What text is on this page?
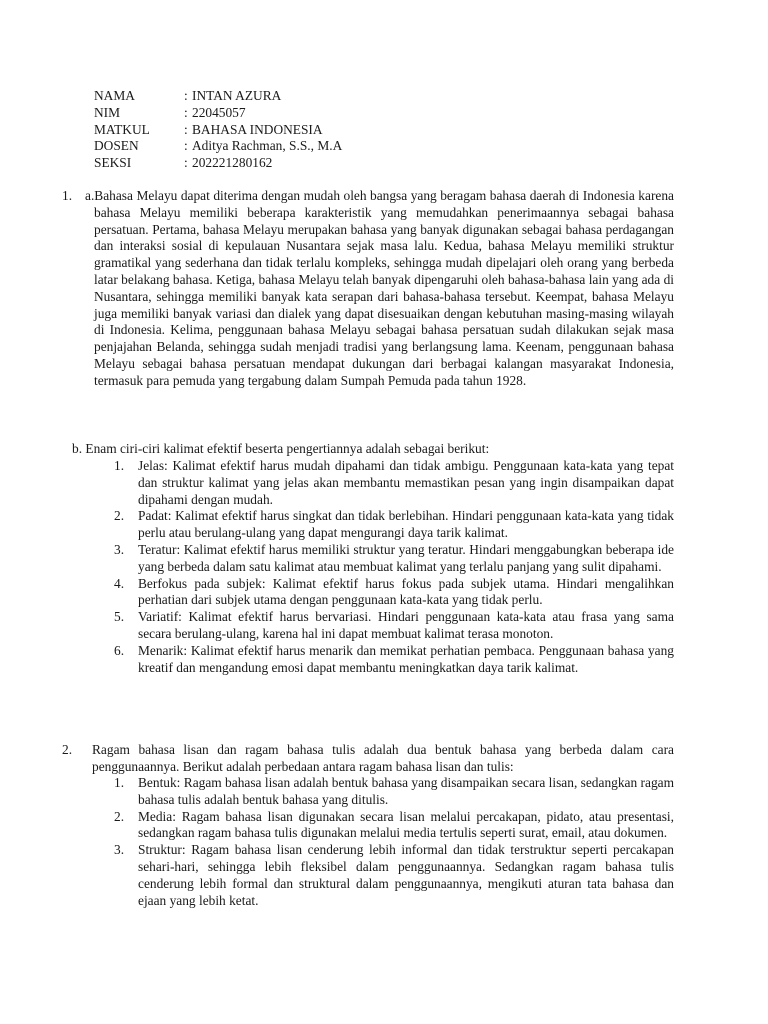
NAMA	: INTAN AZURA
NIM	: 22045057
MATKUL	: BAHASA INDONESIA
DOSEN	: Aditya Rachman, S.S., M.A
SEKSI	: 202221280162
1. a.Bahasa Melayu dapat diterima dengan mudah oleh bangsa yang beragam bahasa daerah di Indonesia karena bahasa Melayu memiliki beberapa karakteristik yang memudahkan penerimaannya sebagai bahasa persatuan. Pertama, bahasa Melayu merupakan bahasa yang banyak digunakan sebagai bahasa perdagangan dan interaksi sosial di kepulauan Nusantara sejak masa lalu. Kedua, bahasa Melayu memiliki struktur gramatikal yang sederhana dan tidak terlalu kompleks, sehingga mudah dipelajari oleh orang yang berbeda latar belakang bahasa. Ketiga, bahasa Melayu telah banyak dipengaruhi oleh bahasa-bahasa lain yang ada di Nusantara, sehingga memiliki banyak kata serapan dari bahasa-bahasa tersebut. Keempat, bahasa Melayu juga memiliki banyak variasi dan dialek yang dapat disesuaikan dengan kebutuhan masing-masing wilayah di Indonesia. Kelima, penggunaan bahasa Melayu sebagai bahasa persatuan sudah dilakukan sejak masa penjajahan Belanda, sehingga sudah menjadi tradisi yang berlangsung lama. Keenam, penggunaan bahasa Melayu sebagai bahasa persatuan mendapat dukungan dari berbagai kalangan masyarakat Indonesia, termasuk para pemuda yang tergabung dalam Sumpah Pemuda pada tahun 1928.

b. Enam ciri-ciri kalimat efektif beserta pengertiannya adalah sebagai berikut:
1. Jelas: Kalimat efektif harus mudah dipahami dan tidak ambigu. Penggunaan kata-kata yang tepat dan struktur kalimat yang jelas akan membantu memastikan pesan yang ingin disampaikan dapat dipahami dengan mudah.
2. Padat: Kalimat efektif harus singkat dan tidak berlebihan. Hindari penggunaan kata-kata yang tidak perlu atau berulang-ulang yang dapat mengurangi daya tarik kalimat.
3. Teratur: Kalimat efektif harus memiliki struktur yang teratur. Hindari menggabungkan beberapa ide yang berbeda dalam satu kalimat atau membuat kalimat yang terlalu panjang yang sulit dipahami.
4. Berfokus pada subjek: Kalimat efektif harus fokus pada subjek utama. Hindari mengalihkan perhatian dari subjek utama dengan penggunaan kata-kata yang tidak perlu.
5. Variatif: Kalimat efektif harus bervariasi. Hindari penggunaan kata-kata atau frasa yang sama secara berulang-ulang, karena hal ini dapat membuat kalimat terasa monoton.
6. Menarik: Kalimat efektif harus menarik dan memikat perhatian pembaca. Penggunaan bahasa yang kreatif dan mengandung emosi dapat membantu meningkatkan daya tarik kalimat.
2. Ragam bahasa lisan dan ragam bahasa tulis adalah dua bentuk bahasa yang berbeda dalam cara penggunaannya. Berikut adalah perbedaan antara ragam bahasa lisan dan tulis:

1. Bentuk: Ragam bahasa lisan adalah bentuk bahasa yang disampaikan secara lisan, sedangkan ragam bahasa tulis adalah bentuk bahasa yang ditulis.
2. Media: Ragam bahasa lisan digunakan secara lisan melalui percakapan, pidato, atau presentasi, sedangkan ragam bahasa tulis digunakan melalui media tertulis seperti surat, email, atau dokumen.
3. Struktur: Ragam bahasa lisan cenderung lebih informal dan tidak terstruktur seperti percakapan sehari-hari, sehingga lebih fleksibel dalam penggunaannya. Sedangkan ragam bahasa tulis cenderung lebih formal dan struktural dalam penggunaannya, mengikuti aturan tata bahasa dan ejaan yang lebih ketat.
